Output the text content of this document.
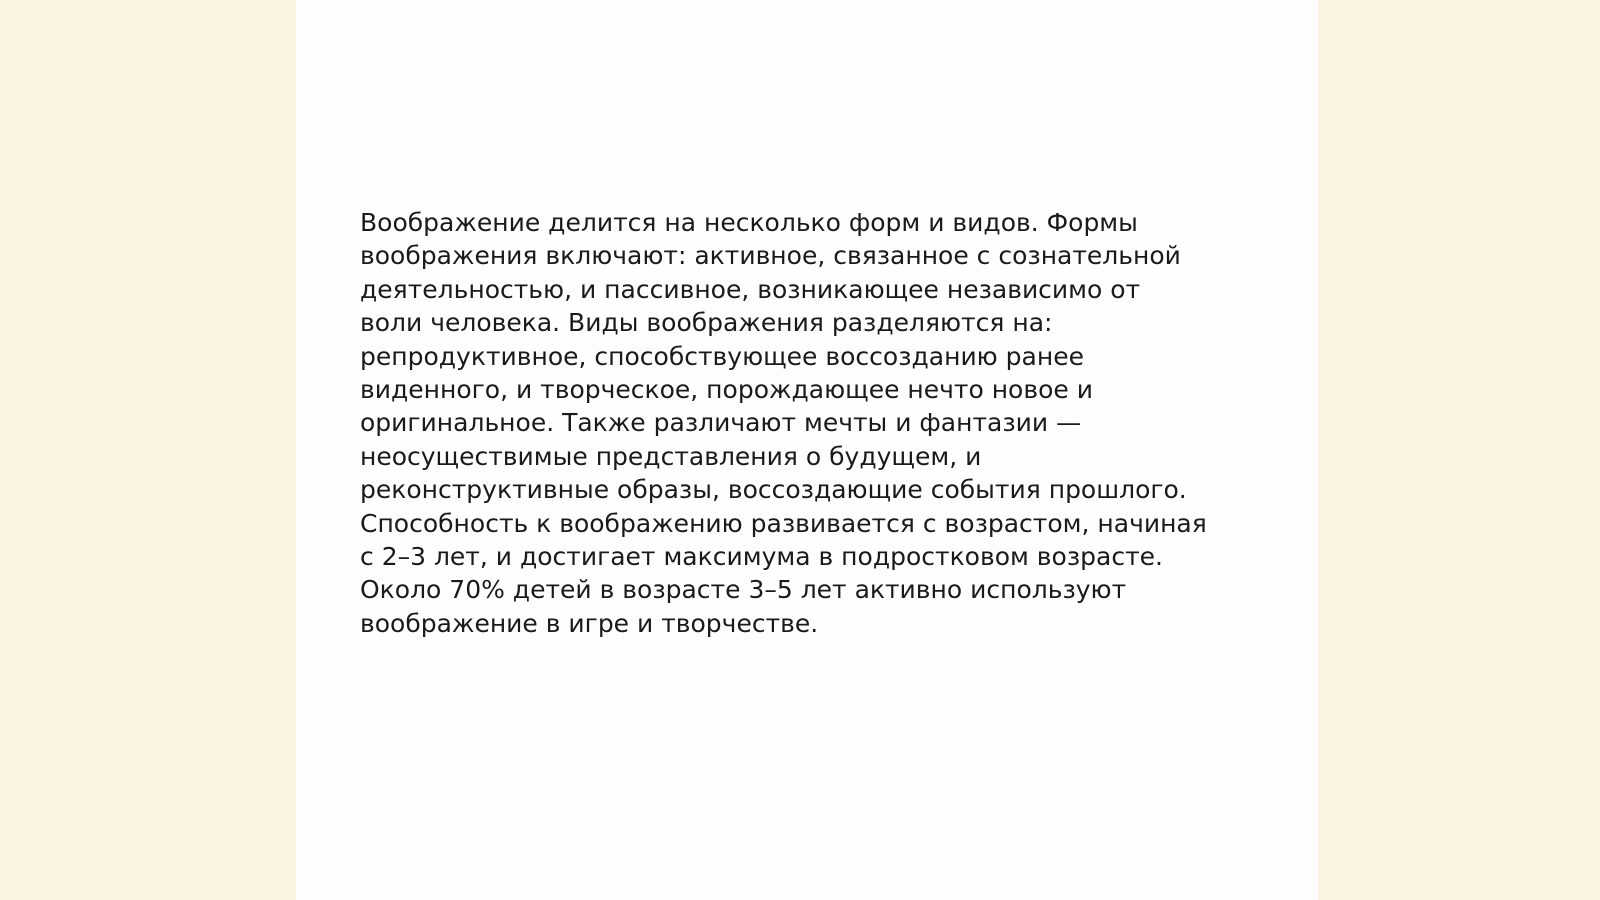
Воображение делится на несколько форм и видов. Формы
воображения включают: активное, связанное с сознательной
деятельностью, и пассивное, возникающее независимо от
воли человека. Виды воображения разделяются на:
репродуктивное, способствующее воссозданию ранее
виденного, и творческое, порождающее нечто новое и
оригинальное. Также различают мечты и фантазии —
неосуществимые представления о будущем, и
реконструктивные образы, воссоздающие события прошлого.
Способность к воображению развивается с возрастом, начиная
с 2–3 лет, и достигает максимума в подростковом возрасте.
Около 70% детей в возрасте 3–5 лет активно используют
воображение в игре и творчестве.
